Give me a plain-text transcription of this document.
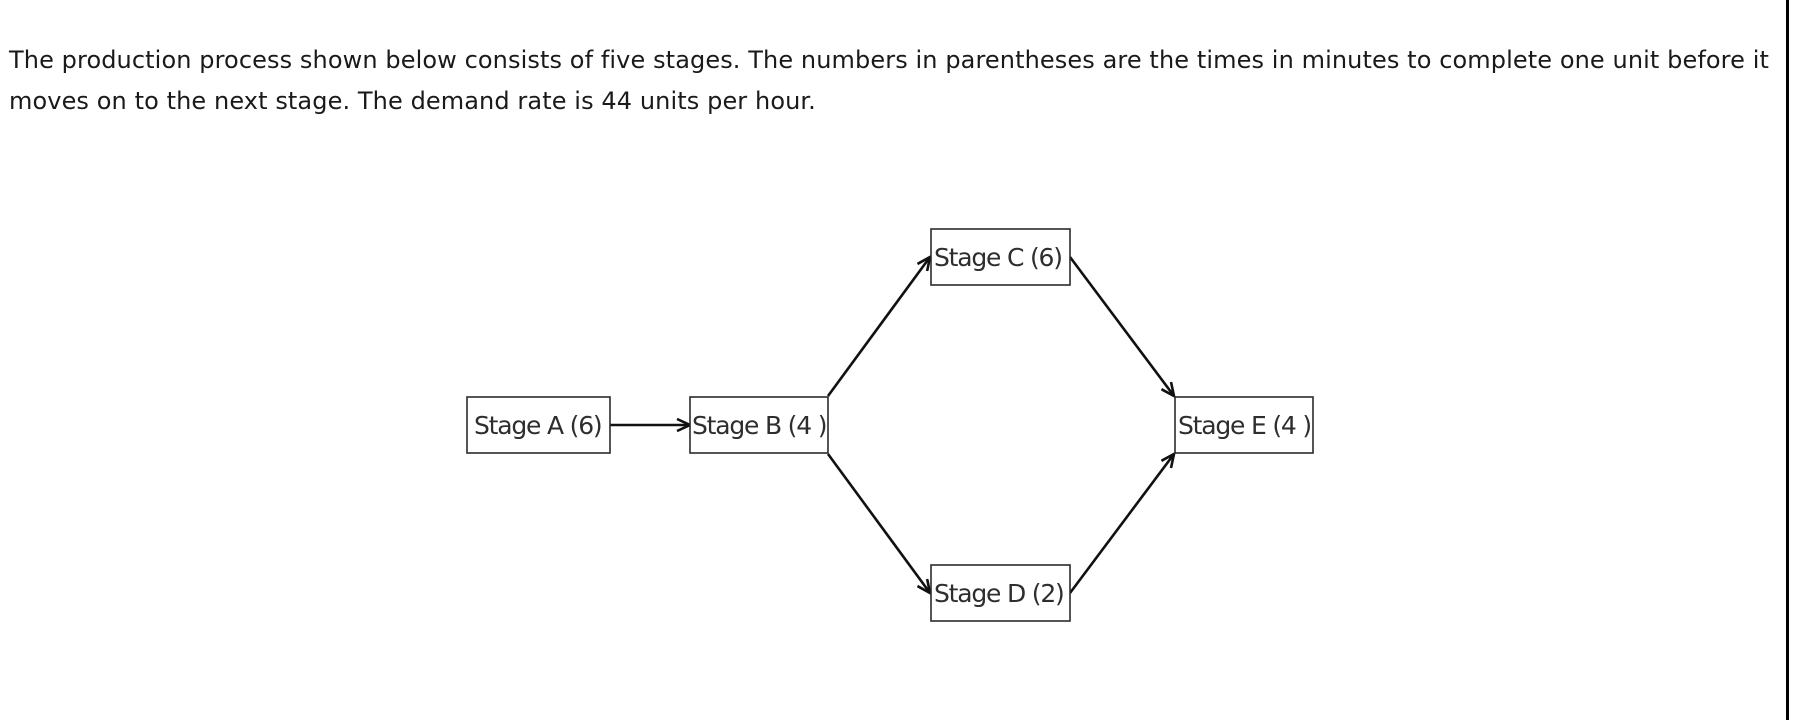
The production process shown below consists of five stages. The numbers in parentheses are the times in minutes to complete one unit before it moves on to the next stage. The demand rate is 44 units per hour.

Stage A (6)	Stage B (4 )
Stage C (6)
Stage D (2)
Stage E (4 )
